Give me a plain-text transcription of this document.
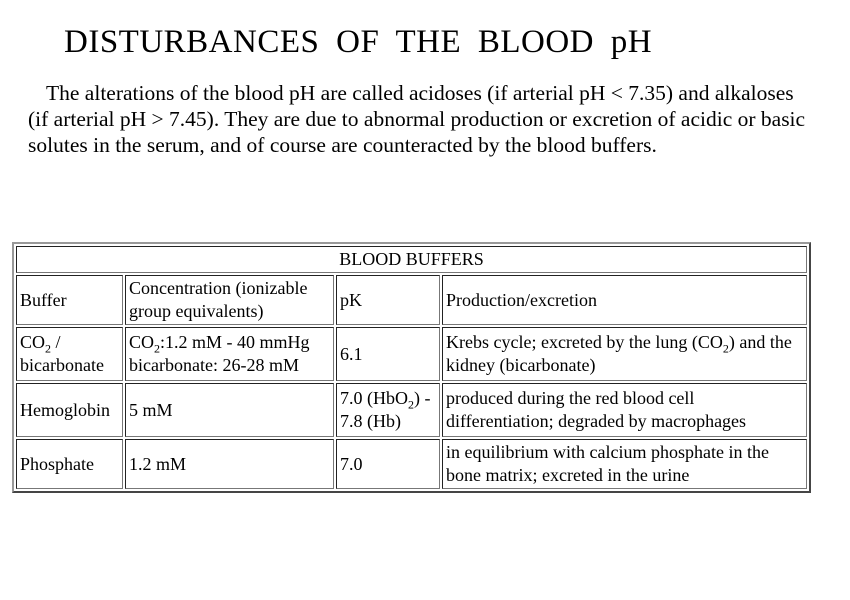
DISTURBANCES OF THE BLOOD pH

The alterations of the blood pH are called acidoses (if arterial pH < 7.35) and alkaloses (if arterial pH > 7.45). They are due to abnormal production or excretion of acidic or basic solutes in the serum, and of course are counteracted by the blood buffers.

BLOOD BUFFERS			
Buffer	Concentration (ionizable group equivalents)	pK	Production/excretion
$CO_2$ / bicarbonate	$CO_2:1.2$ mM - 40 mmHg bicarbonate: 26-28 mM	6.1	Krebs cycle; excreted by the lung $(CO_2)$ and the kidney (bicarbonate)
Hemoglobin	5 mM	7.0 (HbO$_2$) - 7.8 (Hb)	produced during the red blood cell differentiation; degraded by macrophages
Phosphate	1.2 mM	7.0	in equilibrium with calcium phosphate in the bone matrix; excreted in the urine
